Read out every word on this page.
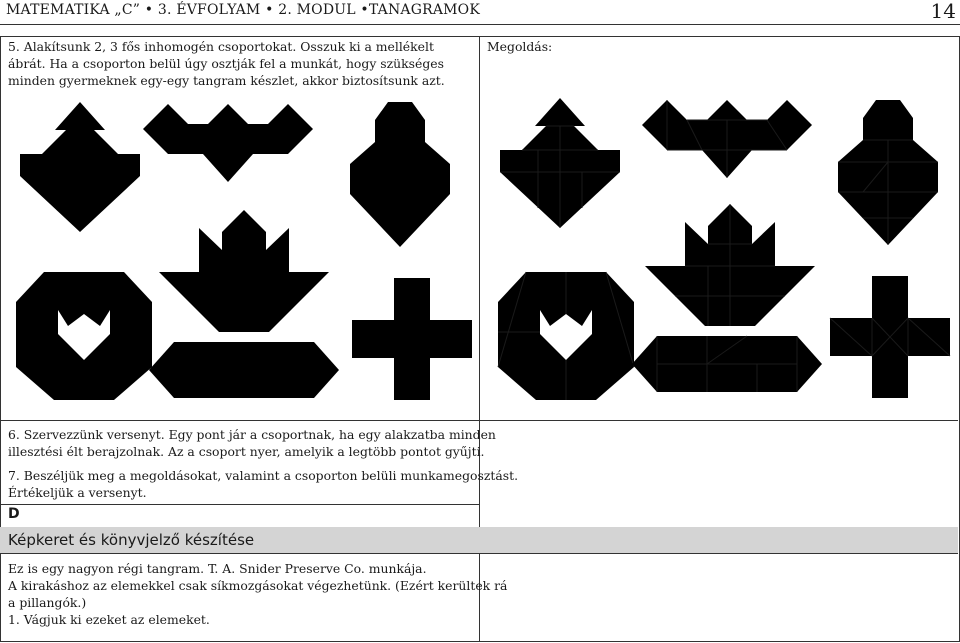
MATEMATIKA „C” • 3. ÉVFOLYAM • 2. MODUL •TANAGRAMOK	14
5. Alakítsunk 2, 3 fős inhomogén csoportokat. Osszuk ki a mellékelt ábrát. Ha a csoporton belül úgy osztják fel a munkát, hogy szükséges minden gyermeknek egy-egy tangram készlet, akkor biztosítsunk azt.
Megoldás:
6. Szervezzünk versenyt. Egy pont jár a csoportnak, ha egy alakzatba minden
illesztési élt berajzolnak. Az a csoport nyer, amelyik a legtöbb pontot gyűjti.
7. Beszéljük meg a megoldásokat, valamint a csoporton belüli munkamegosztást.
Értékeljük a versenyt.
D
Képkeret és könyvjelző készítése
Ez is egy nagyon régi tangram. T. A. Snider Preserve Co. munkája.
A kirakáshoz az elemekkel csak síkmozgásokat végezhetünk. (Ezért kerültek rá
a pillangók.)
1. Vágjuk ki ezeket az elemeket.
